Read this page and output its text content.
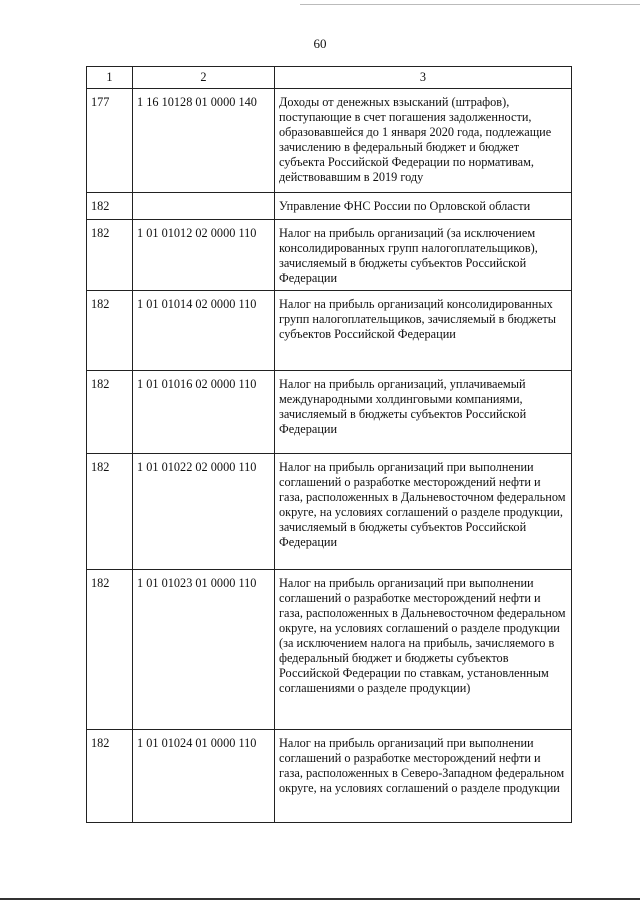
60
1	2	3
177	1 16 10128 01 0000 140	Доходы от денежных взысканий (штрафов), поступающие в счет погашения задолженности, образовавшейся до 1 января 2020 года, подлежащие зачислению в федеральный бюджет и бюджет субъекта Российской Федерации по нормативам, действовавшим в 2019 году
182		Управление ФНС России по Орловской области
182	1 01 01012 02 0000 110	Налог на прибыль организаций (за исключением консолидированных групп налогоплательщиков), зачисляемый в бюджеты субъектов Российской Федерации
182	1 01 01014 02 0000 110	Налог на прибыль организаций консолидированных групп налогоплательщиков, зачисляемый в бюджеты субъектов Российской Федерации
182	1 01 01016 02 0000 110	Налог на прибыль организаций, уплачиваемый международными холдинговыми компаниями, зачисляемый в бюджеты субъектов Российской Федерации
182	1 01 01022 02 0000 110	Налог на прибыль организаций при выполнении соглашений о разработке месторождений нефти и газа, расположенных в Дальневосточном федеральном округе, на условиях соглашений о разделе продукции, зачисляемый в бюджеты субъектов Российской Федерации
182	1 01 01023 01 0000 110	Налог на прибыль организаций при выполнении соглашений о разработке месторождений нефти и газа, расположенных в Дальневосточном федеральном округе, на условиях соглашений о разделе продукции (за исключением налога на прибыль, зачисляемого в федеральный бюджет и бюджеты субъектов Российской Федерации по ставкам, установленным соглашениями о разделе продукции)
182	1 01 01024 01 0000 110	Налог на прибыль организаций при выполнении соглашений о разработке месторождений нефти и газа, расположенных в Северо-Западном федеральном округе, на условиях соглашений о разделе продукции
